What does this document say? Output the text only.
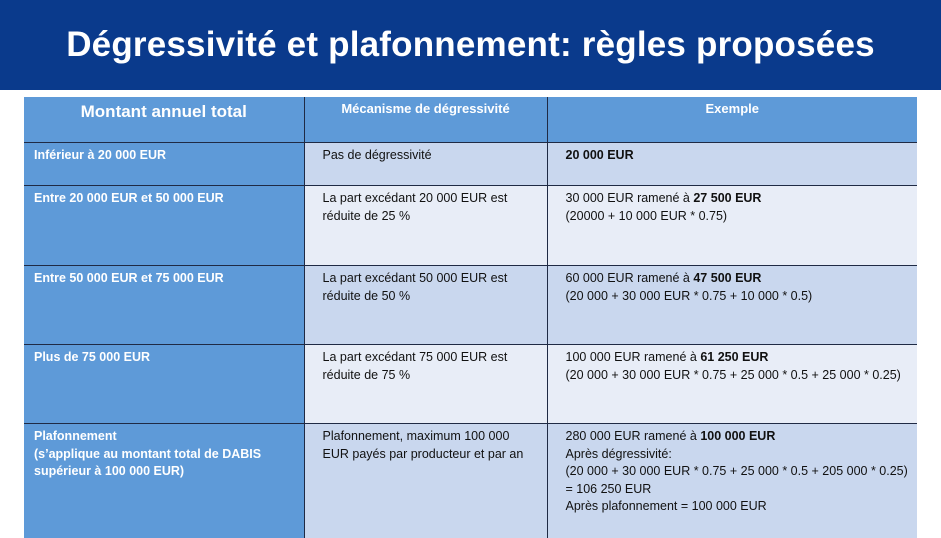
Dégressivité et plafonnement: règles proposées
Montant annuel total	Mécanisme de dégressivité	Exemple
Inférieur à 20 000 EUR	Pas de dégressivité	20 000 EUR
Entre 20 000 EUR et 50 000 EUR	La part excédant 20 000 EUR est réduite de 25 %	30 000 EUR ramené à 27 500 EUR
(20000 + 10 000 EUR * 0.75)

Entre 50 000 EUR et 75 000 EUR	La part excédant 50 000 EUR est réduite de 50 %	60 000 EUR ramené à 47 500 EUR
(20 000 + 30 000 EUR * 0.75 + 10 000 * 0.5)

Plus de 75 000 EUR	La part excédant 75 000 EUR est réduite de 75 %	100 000 EUR ramené à 61 250 EUR
(20 000 + 30 000 EUR * 0.75 + 25 000 * 0.5 + 25 000 * 0.25)

Plafonnement
(s’applique au montant total de DABIS supérieur à 100 000 EUR)	Plafonnement, maximum 100 000 EUR payés par producteur et par an	280 000 EUR ramené à 100 000 EUR
Après dégressivité:
(20 000 + 30 000 EUR * 0.75 + 25 000 * 0.5 + 205 000 * 0.25) = 106 250 EUR
Après plafonnement = 100 000 EUR
